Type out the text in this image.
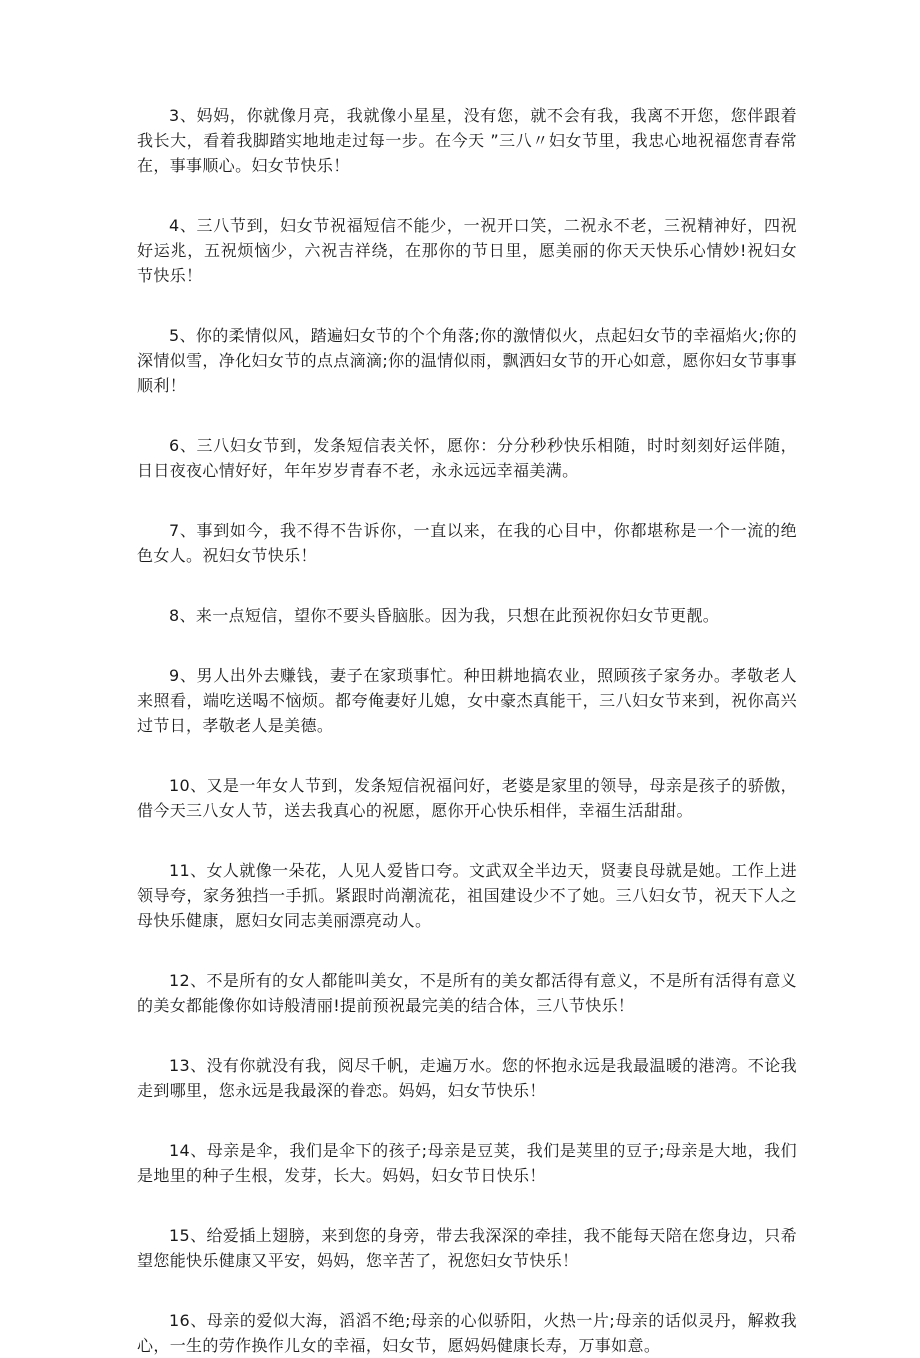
3、妈妈，你就像月亮，我就像小星星，没有您，就不会有我，我离不开您，您伴跟着我长大，看着我脚踏实地地走过每一步。在今天 ”三八〃妇女节里，我忠心地祝福您青春常在，事事顺心。妇女节快乐！

4、三八节到，妇女节祝福短信不能少，一祝开口笑，二祝永不老，三祝精神好，四祝好运兆，五祝烦恼少，六祝吉祥绕，在那你的节日里，愿美丽的你天天快乐心情妙!祝妇女节快乐！

5、你的柔情似风，踏遍妇女节的个个角落;你的激情似火，点起妇女节的幸福焰火;你的深情似雪，净化妇女节的点点滴滴;你的温情似雨，飘洒妇女节的开心如意，愿你妇女节事事顺利！

6、三八妇女节到，发条短信表关怀，愿你：分分秒秒快乐相随，时时刻刻好运伴随，日日夜夜心情好好，年年岁岁青春不老，永永远远幸福美满。

7、事到如今，我不得不告诉你，一直以来，在我的心目中，你都堪称是一个一流的绝色女人。祝妇女节快乐！

8、来一点短信，望你不要头昏脑胀。因为我，只想在此预祝你妇女节更靓。

9、男人出外去赚钱，妻子在家琐事忙。种田耕地搞农业，照顾孩子家务办。孝敬老人来照看，端吃送喝不恼烦。都夸俺妻好儿媳，女中豪杰真能干，三八妇女节来到，祝你高兴过节日，孝敬老人是美德。

10、又是一年女人节到，发条短信祝福问好，老婆是家里的领导，母亲是孩子的骄傲，借今天三八女人节，送去我真心的祝愿，愿你开心快乐相伴，幸福生活甜甜。

11、女人就像一朵花，人见人爱皆口夸。文武双全半边天，贤妻良母就是她。工作上进领导夸，家务独挡一手抓。紧跟时尚潮流花，祖国建设少不了她。三八妇女节，祝天下人之母快乐健康，愿妇女同志美丽漂亮动人。

12、不是所有的女人都能叫美女，不是所有的美女都活得有意义，不是所有活得有意义的美女都能像你如诗般清丽!提前预祝最完美的结合体，三八节快乐！

13、没有你就没有我，阅尽千帆，走遍万水。您的怀抱永远是我最温暖的港湾。不论我走到哪里，您永远是我最深的眷恋。妈妈，妇女节快乐！

14、母亲是伞，我们是伞下的孩子;母亲是豆荚，我们是荚里的豆子;母亲是大地，我们是地里的种子生根，发芽，长大。妈妈，妇女节日快乐！

15、给爱插上翅膀，来到您的身旁，带去我深深的牵挂，我不能每天陪在您身边，只希望您能快乐健康又平安，妈妈，您辛苦了，祝您妇女节快乐！

16、母亲的爱似大海，滔滔不绝;母亲的心似骄阳，火热一片;母亲的话似灵丹，解救我心，一生的劳作换作儿女的幸福，妇女节，愿妈妈健康长寿，万事如意。
